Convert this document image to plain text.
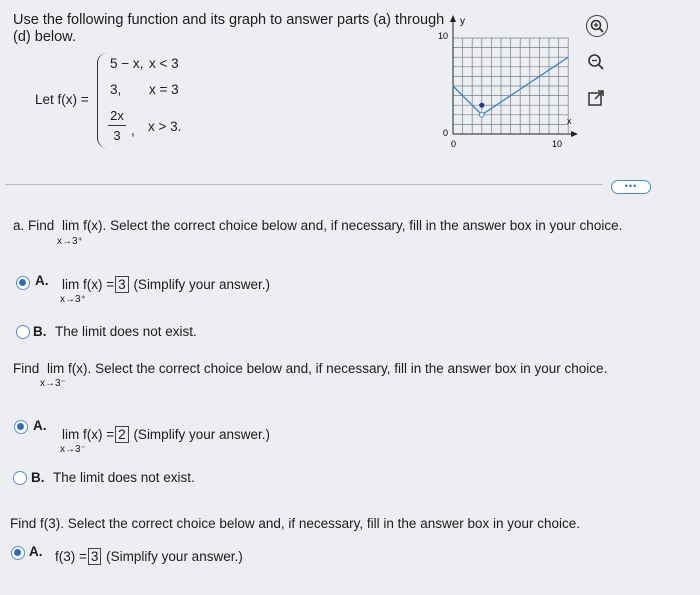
Use the following function and its graph to answer parts (a) through
(d) below.
Let f(x) =
5 − x, x < 3
3, x = 3
2x
3 , x > 3.
y
x
10
0
0	10
•••
a. Find lim f(x). Select the correct choice below and, if necessary, fill in the answer box in your choice.
x→3⁺
A. lim f(x) = 3 (Simplify your answer.)
x→3⁺
B. The limit does not exist.
Find lim f(x). Select the correct choice below and, if necessary, fill in the answer box in your choice.
x→3⁻
A.
lim f(x) = 2 (Simplify your answer.)
x→3⁻
B. The limit does not exist.
Find f(3). Select the correct choice below and, if necessary, fill in the answer box in your choice.
A. f(3) = 3 (Simplify your answer.)
